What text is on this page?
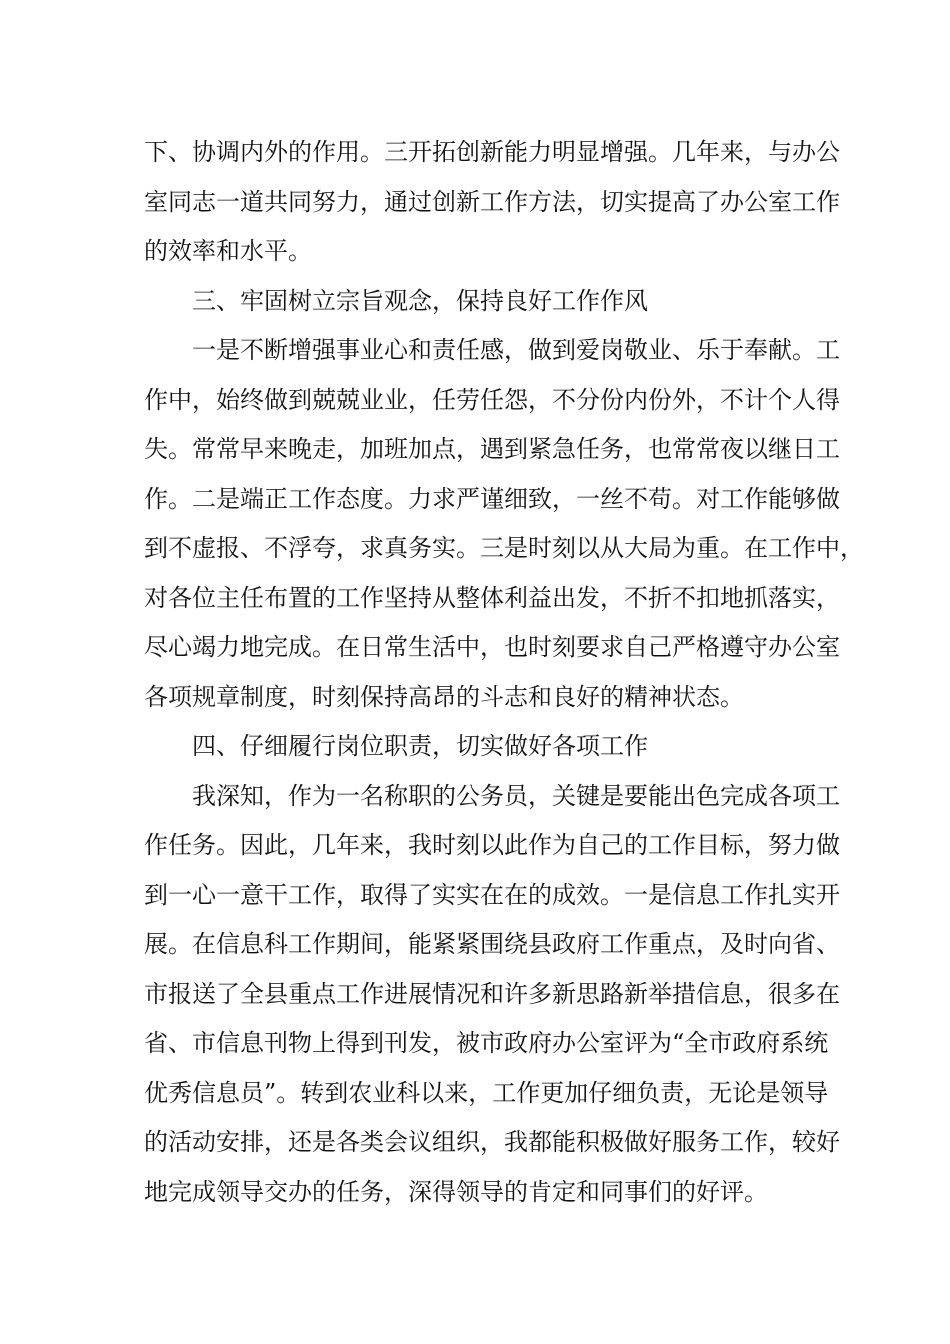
下、协调内外的作用。三开拓创新能力明显增强。几年来，与办公
室同志一道共同努力，通过创新工作方法，切实提高了办公室工作
的效率和水平。
三、牢固树立宗旨观念，保持良好工作作风
一是不断增强事业心和责任感，做到爱岗敬业、乐于奉献。工
作中，始终做到兢兢业业，任劳任怨，不分份内份外，不计个人得
失。常常早来晚走，加班加点，遇到紧急任务，也常常夜以继日工
作。二是端正工作态度。力求严谨细致，一丝不苟。对工作能够做
到不虚报、不浮夸，求真务实。三是时刻以从大局为重。在工作中，
对各位主任布置的工作坚持从整体利益出发，不折不扣地抓落实，
尽心竭力地完成。在日常生活中，也时刻要求自己严格遵守办公室
各项规章制度，时刻保持高昂的斗志和良好的精神状态。
四、仔细履行岗位职责，切实做好各项工作
我深知，作为一名称职的公务员，关键是要能出色完成各项工
作任务。因此，几年来，我时刻以此作为自己的工作目标，努力做
到一心一意干工作，取得了实实在在的成效。一是信息工作扎实开
展。在信息科工作期间，能紧紧围绕县政府工作重点，及时向省、
市报送了全县重点工作进展情况和许多新思路新举措信息，很多在
省、市信息刊物上得到刊发，被市政府办公室评为“全市政府系统
优秀信息员”。转到农业科以来，工作更加仔细负责，无论是领导
的活动安排，还是各类会议组织，我都能积极做好服务工作，较好
地完成领导交办的任务，深得领导的肯定和同事们的好评。
